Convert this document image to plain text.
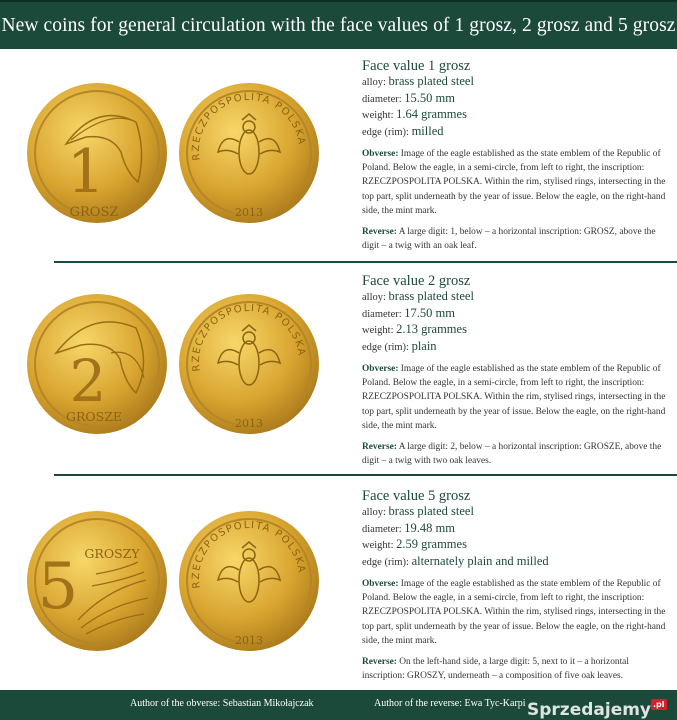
New coins for general circulation with the face values of 1 grosz, 2 grosz and 5 grosz
1
GROSZ
RZECZPOSPOLITA POLSKA
2013
Face value 1 grosz
alloy: brass plated steel
diameter: 15.50 mm
weight: 1.64 grammes
edge (rim): milled
Obverse: Image of the eagle established as the state emblem of the Republic of Poland. Below the eagle, in a semi-circle, from left to right, the inscription: RZECZPOSPOLITA POLSKA. Within the rim, stylised rings, intersecting in the top part, split underneath by the year of issue. Below the eagle, on the right-hand side, the mint mark.
Reverse: A large digit: 1, below – a horizontal inscription: GROSZ, above the digit – a twig with an oak leaf.
2
GROSZE
RZECZPOSPOLITA POLSKA
2013
Face value 2 grosz
alloy: brass plated steel
diameter: 17.50 mm
weight: 2.13 grammes
edge (rim): plain
Obverse: Image of the eagle established as the state emblem of the Republic of Poland. Below the eagle, in a semi-circle, from left to right, the inscription: RZECZPOSPOLITA POLSKA. Within the rim, stylised rings, intersecting in the top part, split underneath by the year of issue. Below the eagle, on the right-hand side, the mint mark.
Reverse: A large digit: 2, below – a horizontal inscription: GROSZE, above the digit – a twig with two oak leaves.
5 GROSZY
RZECZPOSPOLITA POLSKA
2013
Face value 5 grosz
alloy: brass plated steel
diameter: 19.48 mm
weight: 2.59 grammes
edge (rim): alternately plain and milled
Obverse: Image of the eagle established as the state emblem of the Republic of Poland. Below the eagle, in a semi-circle, from left to right, the inscription: RZECZPOSPOLITA POLSKA. Within the rim, stylised rings, intersecting in the top part, split underneath by the year of issue. Below the eagle, on the right-hand side, the mint mark.
Reverse: On the left-hand side, a large digit: 5, next to it – a horizontal inscription: GROSZY, underneath – a composition of five oak leaves.
Author of the obverse: Sebastian Mikołajczak	Author of the reverse: Ewa Tyc-Karpi Sprzedajemy $^{.pl}$
